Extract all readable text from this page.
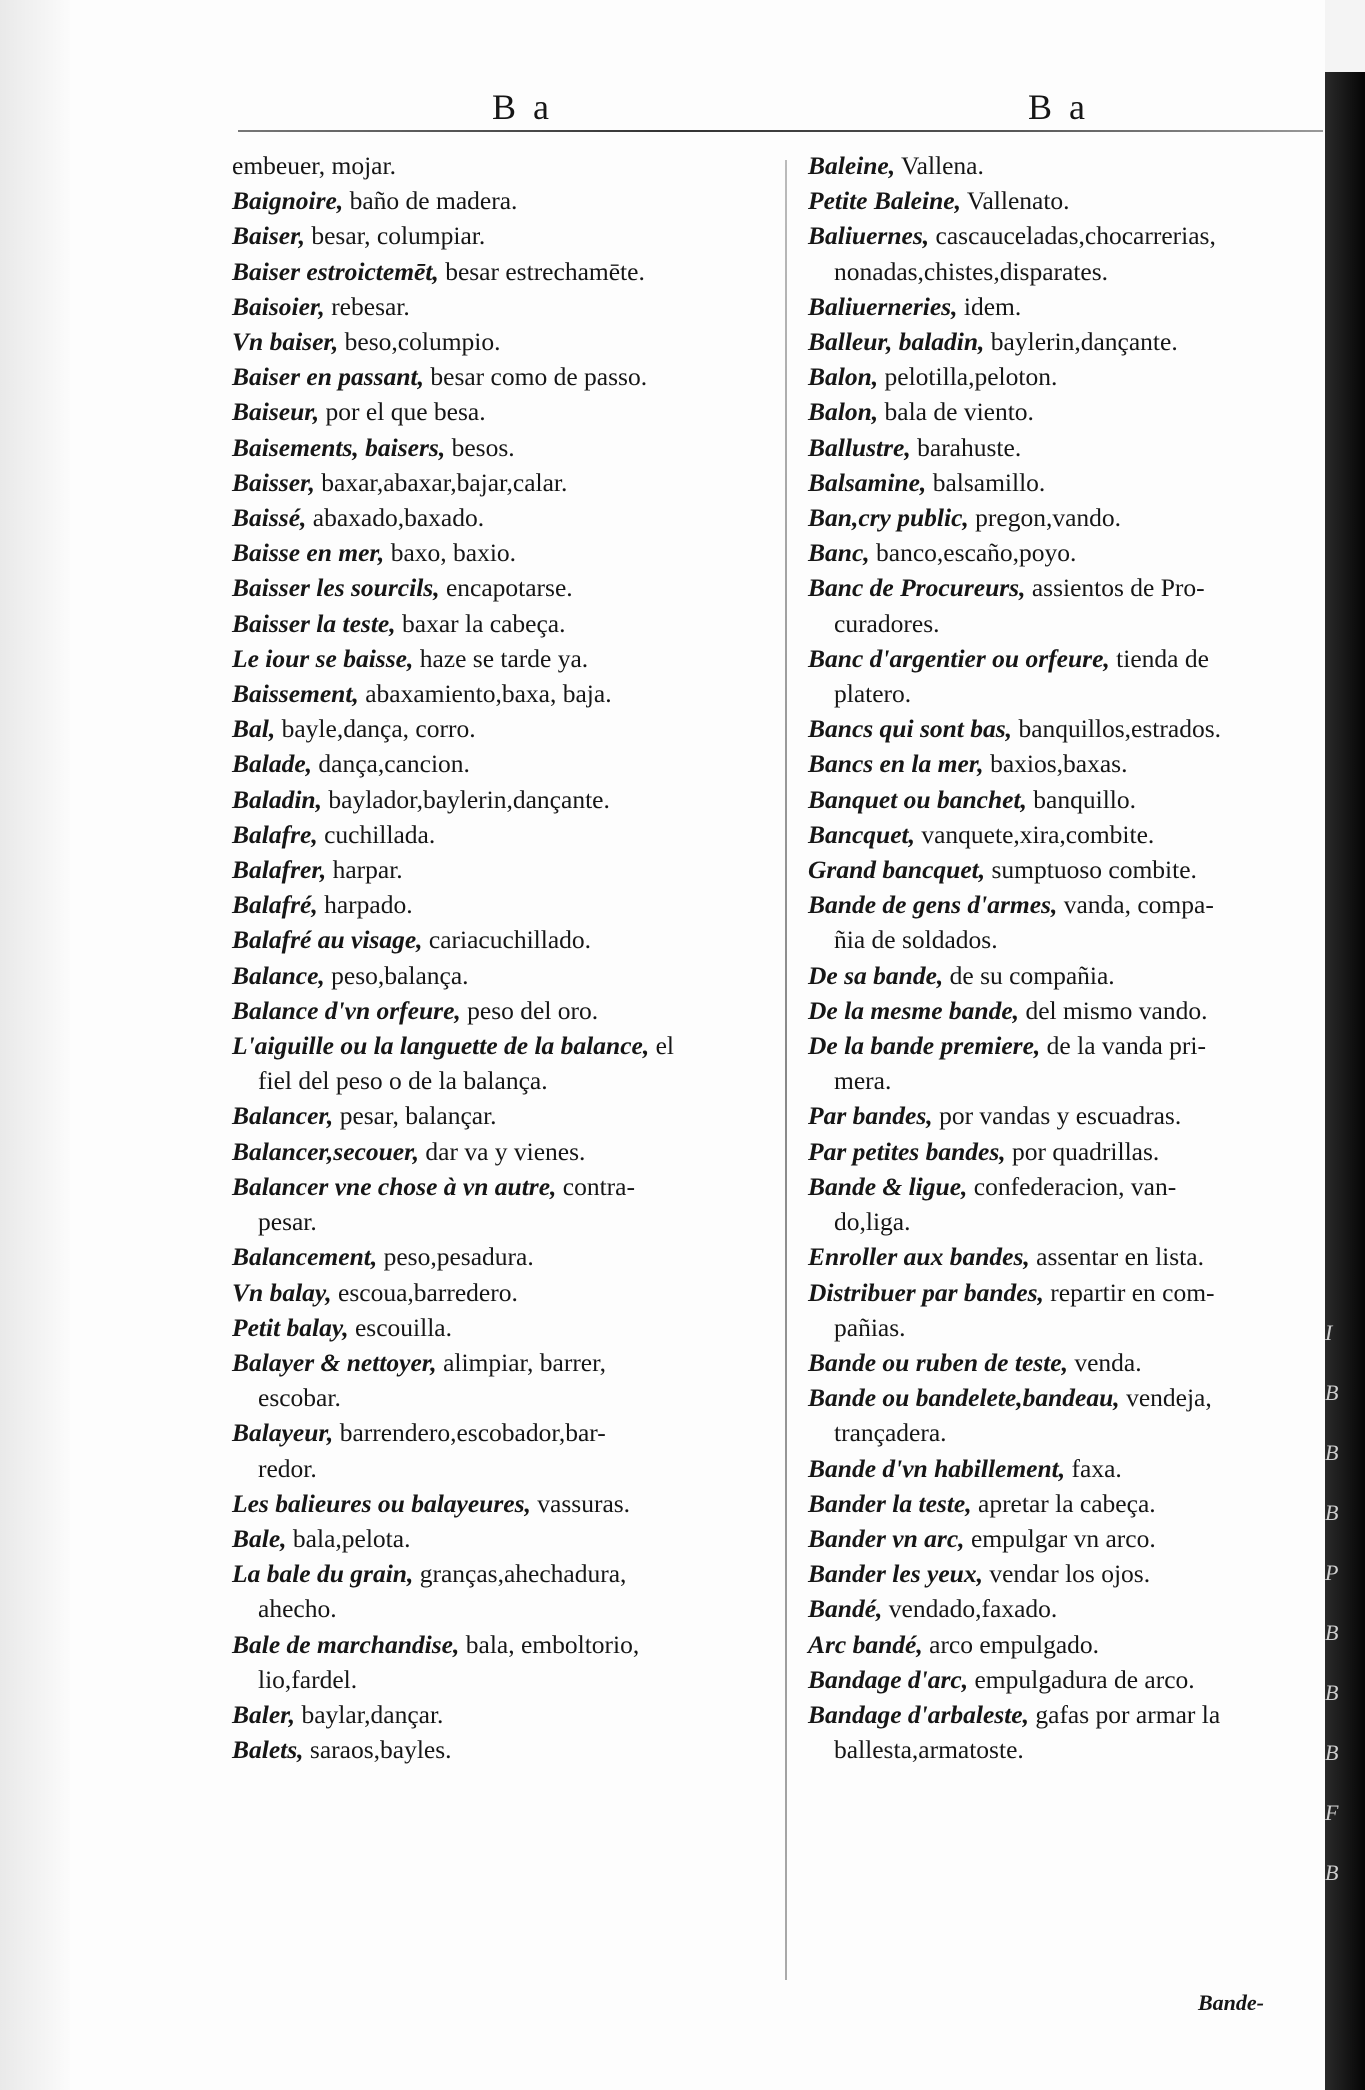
I
B
B
B
P
B
B
B
F
B
B a	B a
embeuer, mojar.
Baignoire, baño de madera.
Baiser, besar, columpiar.
Baiser estroictemēt, besar estrechamēte.
Baisoier, rebesar.
Vn baiser, beso,columpio.
Baiser en passant, besar como de passo.
Baiseur, por el que besa.
Baisements, baisers, besos.
Baisser, baxar,abaxar,bajar,calar.
Baissé, abaxado,baxado.
Baisse en mer, baxo, baxio.
Baisser les sourcils, encapotarse.
Baisser la teste, baxar la cabeça.
Le iour se baisse, haze se tarde ya.
Baissement, abaxamiento,baxa, baja.
Bal, bayle,dança, corro.
Balade, dança,cancion.
Baladin, baylador,baylerin,dançante.
Balafre, cuchillada.
Balafrer, harpar.
Balafré, harpado.
Balafré au visage, cariacuchillado.
Balance, peso,balança.
Balance d'vn orfeure, peso del oro.
L'aiguille ou la languette de la balance, el
fiel del peso o de la balança.
Balancer, pesar, balançar.
Balancer,secouer, dar va y vienes.
Balancer vne chose à vn autre, contra-
pesar.
Balancement, peso,pesadura.
Vn balay, escoua,barredero.
Petit balay, escouilla.
Balayer & nettoyer, alimpiar, barrer,
escobar.
Balayeur, barrendero,escobador,bar-
redor.
Les balieures ou balayeures, vassuras.
Bale, bala,pelota.
La bale du grain, granças,ahechadura,
ahecho.
Bale de marchandise, bala, emboltorio,
lio,fardel.
Baler, baylar,dançar.
Balets, saraos,bayles.
Baleine, Vallena.
Petite Baleine, Vallenato.
Baliuernes, cascauceladas,chocarrerias,
nonadas,chistes,disparates.
Baliuerneries, idem.
Balleur, baladin, baylerin,dançante.
Balon, pelotilla,peloton.
Balon, bala de viento.
Ballustre, barahuste.
Balsamine, balsamillo.
Ban,cry public, pregon,vando.
Banc, banco,escaño,poyo.
Banc de Procureurs, assientos de Pro-
curadores.
Banc d'argentier ou orfeure, tienda de
platero.
Bancs qui sont bas, banquillos,estrados.
Bancs en la mer, baxios,baxas.
Banquet ou banchet, banquillo.
Bancquet, vanquete,xira,combite.
Grand bancquet, sumptuoso combite.
Bande de gens d'armes, vanda, compa-
ñia de soldados.
De sa bande, de su compañia.
De la mesme bande, del mismo vando.
De la bande premiere, de la vanda pri-
mera.
Par bandes, por vandas y escuadras.
Par petites bandes, por quadrillas.
Bande & ligue, confederacion, van-
do,liga.
Enroller aux bandes, assentar en lista.
Distribuer par bandes, repartir en com-
pañias.
Bande ou ruben de teste, venda.
Bande ou bandelete,bandeau, vendeja,
trançadera.
Bande d'vn habillement, faxa.
Bander la teste, apretar la cabeça.
Bander vn arc, empulgar vn arco.
Bander les yeux, vendar los ojos.
Bandé, vendado,faxado.
Arc bandé, arco empulgado.
Bandage d'arc, empulgadura de arco.
Bandage d'arbaleste, gafas por armar la
ballesta,armatoste.
Bande-
